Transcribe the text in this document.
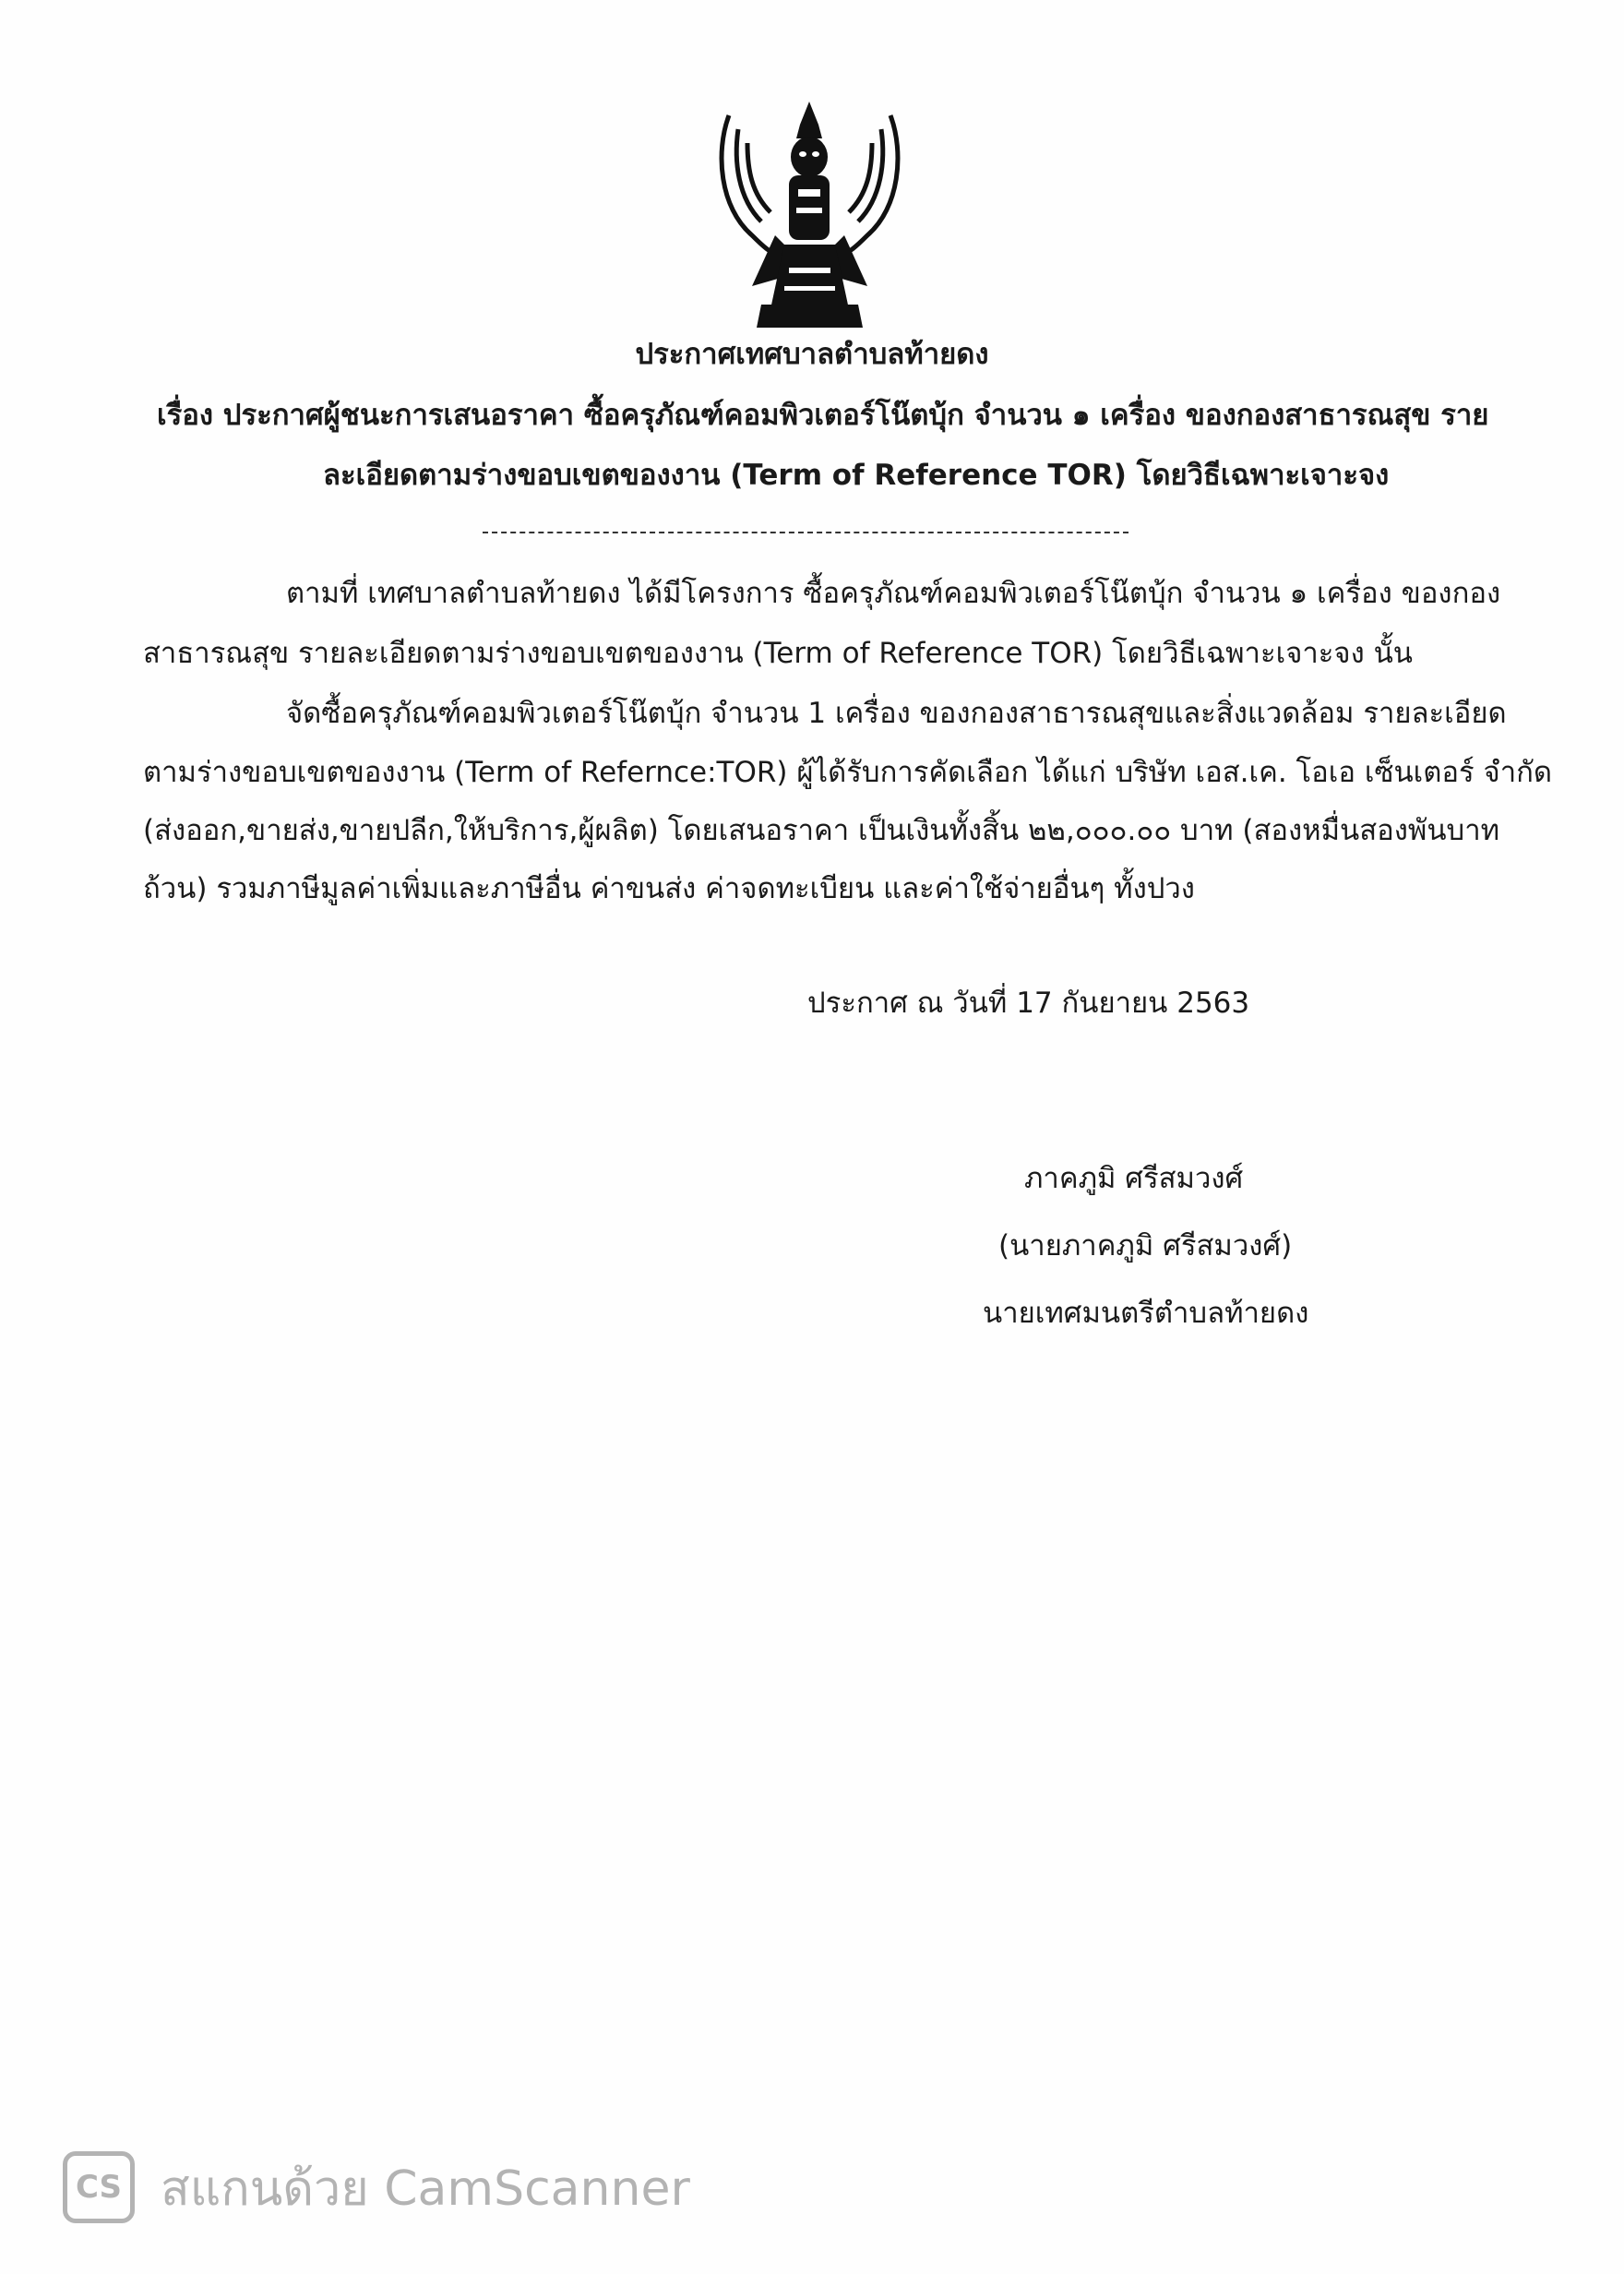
ประกาศเทศบาลตำบลท้ายดง
เรื่อง ประกาศผู้ชนะการเสนอราคา ซื้อครุภัณฑ์คอมพิวเตอร์โน๊ตบุ้ก จำนวน ๑ เครื่อง ของกองสาธารณสุข ราย
ละเอียดตามร่างขอบเขตของงาน (Term of Reference TOR) โดยวิธีเฉพาะเจาะจง
ตามที่ เทศบาลตำบลท้ายดง ได้มีโครงการ ซื้อครุภัณฑ์คอมพิวเตอร์โน๊ตบุ้ก จำนวน ๑ เครื่อง ของกอง
สาธารณสุข รายละเอียดตามร่างขอบเขตของงาน (Term of Reference TOR) โดยวิธีเฉพาะเจาะจง นั้น
จัดซื้อครุภัณฑ์คอมพิวเตอร์โน๊ตบุ้ก จำนวน 1 เครื่อง ของกองสาธารณสุขและสิ่งแวดล้อม รายละเอียด
ตามร่างขอบเขตของงาน (Term of Refernce:TOR) ผู้ได้รับการคัดเลือก ได้แก่ บริษัท เอส.เค. โอเอ เซ็นเตอร์ จำกัด
(ส่งออก,ขายส่ง,ขายปลีก,ให้บริการ,ผู้ผลิต) โดยเสนอราคา เป็นเงินทั้งสิ้น ๒๒,๐๐๐.๐๐ บาท (สองหมื่นสองพันบาท
ถ้วน) รวมภาษีมูลค่าเพิ่มและภาษีอื่น ค่าขนส่ง ค่าจดทะเบียน และค่าใช้จ่ายอื่นๆ ทั้งปวง
ประกาศ ณ วันที่ 17 กันยายน 2563
ภาคภูมิ ศรีสมวงศ์
(นายภาคภูมิ ศรีสมวงศ์)
นายเทศมนตรีตำบลท้ายดง
CS สแกนด้วย CamScanner
